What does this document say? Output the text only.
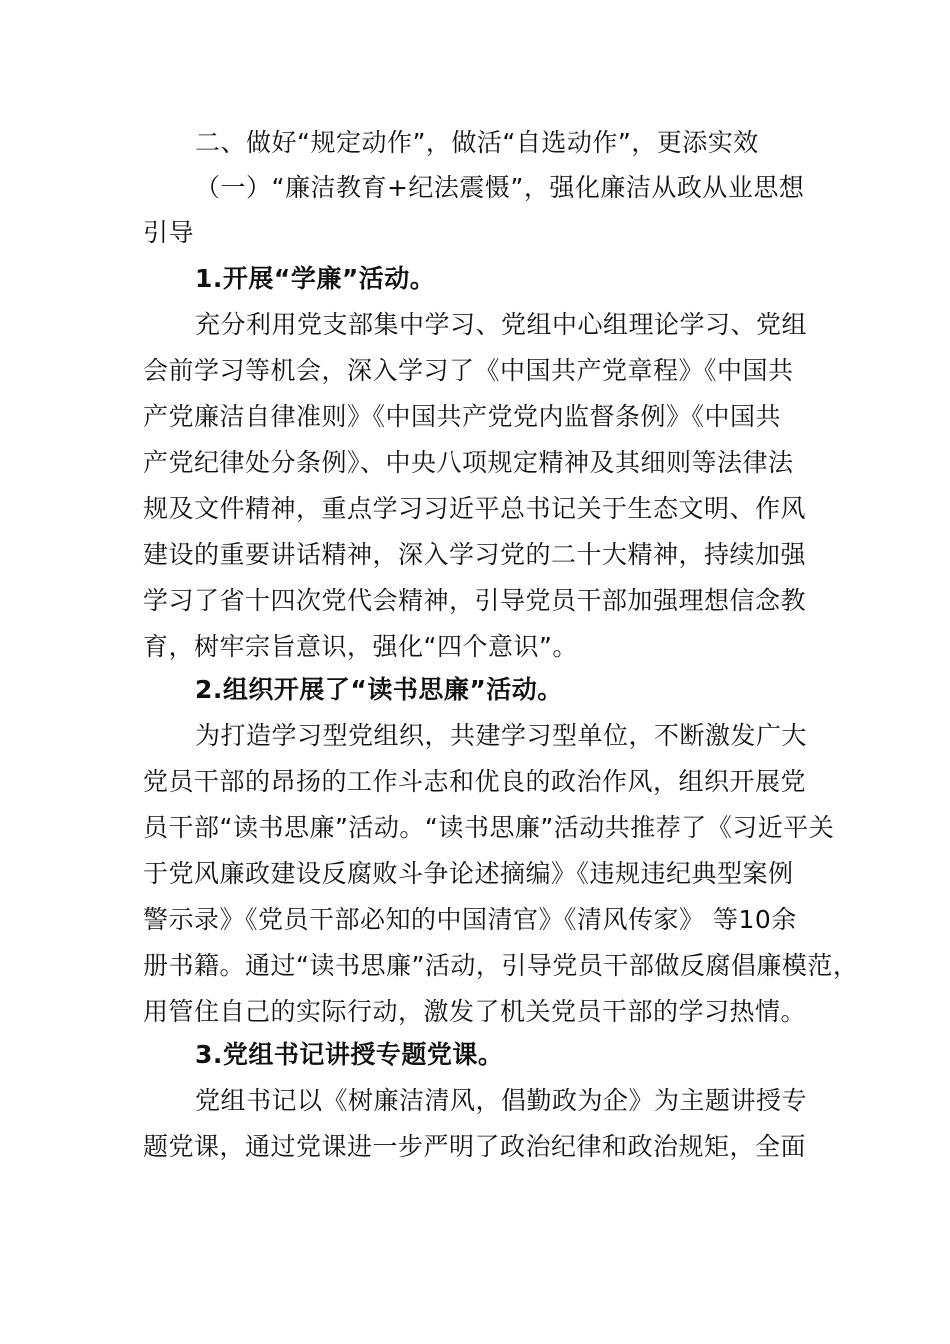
二、做好“规定动作”，做活“自选动作”，更添实效
（一）“廉洁教育+纪法震慑”，强化廉洁从政从业思想
引导
1.开展“学廉”活动。
充分利用党支部集中学习、党组中心组理论学习、党组
会前学习等机会，深入学习了《中国共产党章程》《中国共
产党廉洁自律准则》《中国共产党党内监督条例》《中国共
产党纪律处分条例》、中央八项规定精神及其细则等法律法
规及文件精神，重点学习习近平总书记关于生态文明、作风
建设的重要讲话精神，深入学习党的二十大精神，持续加强
学习了省十四次党代会精神，引导党员干部加强理想信念教
育，树牢宗旨意识，强化“四个意识”。
2.组织开展了“读书思廉”活动。
为打造学习型党组织，共建学习型单位，不断激发广大
党员干部的昂扬的工作斗志和优良的政治作风，组织开展党
员干部“读书思廉”活动。“读书思廉”活动共推荐了《习近平关
于党风廉政建设反腐败斗争论述摘编》《违规违纪典型案例
警示录》《党员干部必知的中国清官》《清风传家》 等10余
册书籍。通过“读书思廉”活动，引导党员干部做反腐倡廉模范，
用管住自己的实际行动，激发了机关党员干部的学习热情。
3.党组书记讲授专题党课。
党组书记以《树廉洁清风，倡勤政为企》为主题讲授专
题党课，通过党课进一步严明了政治纪律和政治规矩，全面
